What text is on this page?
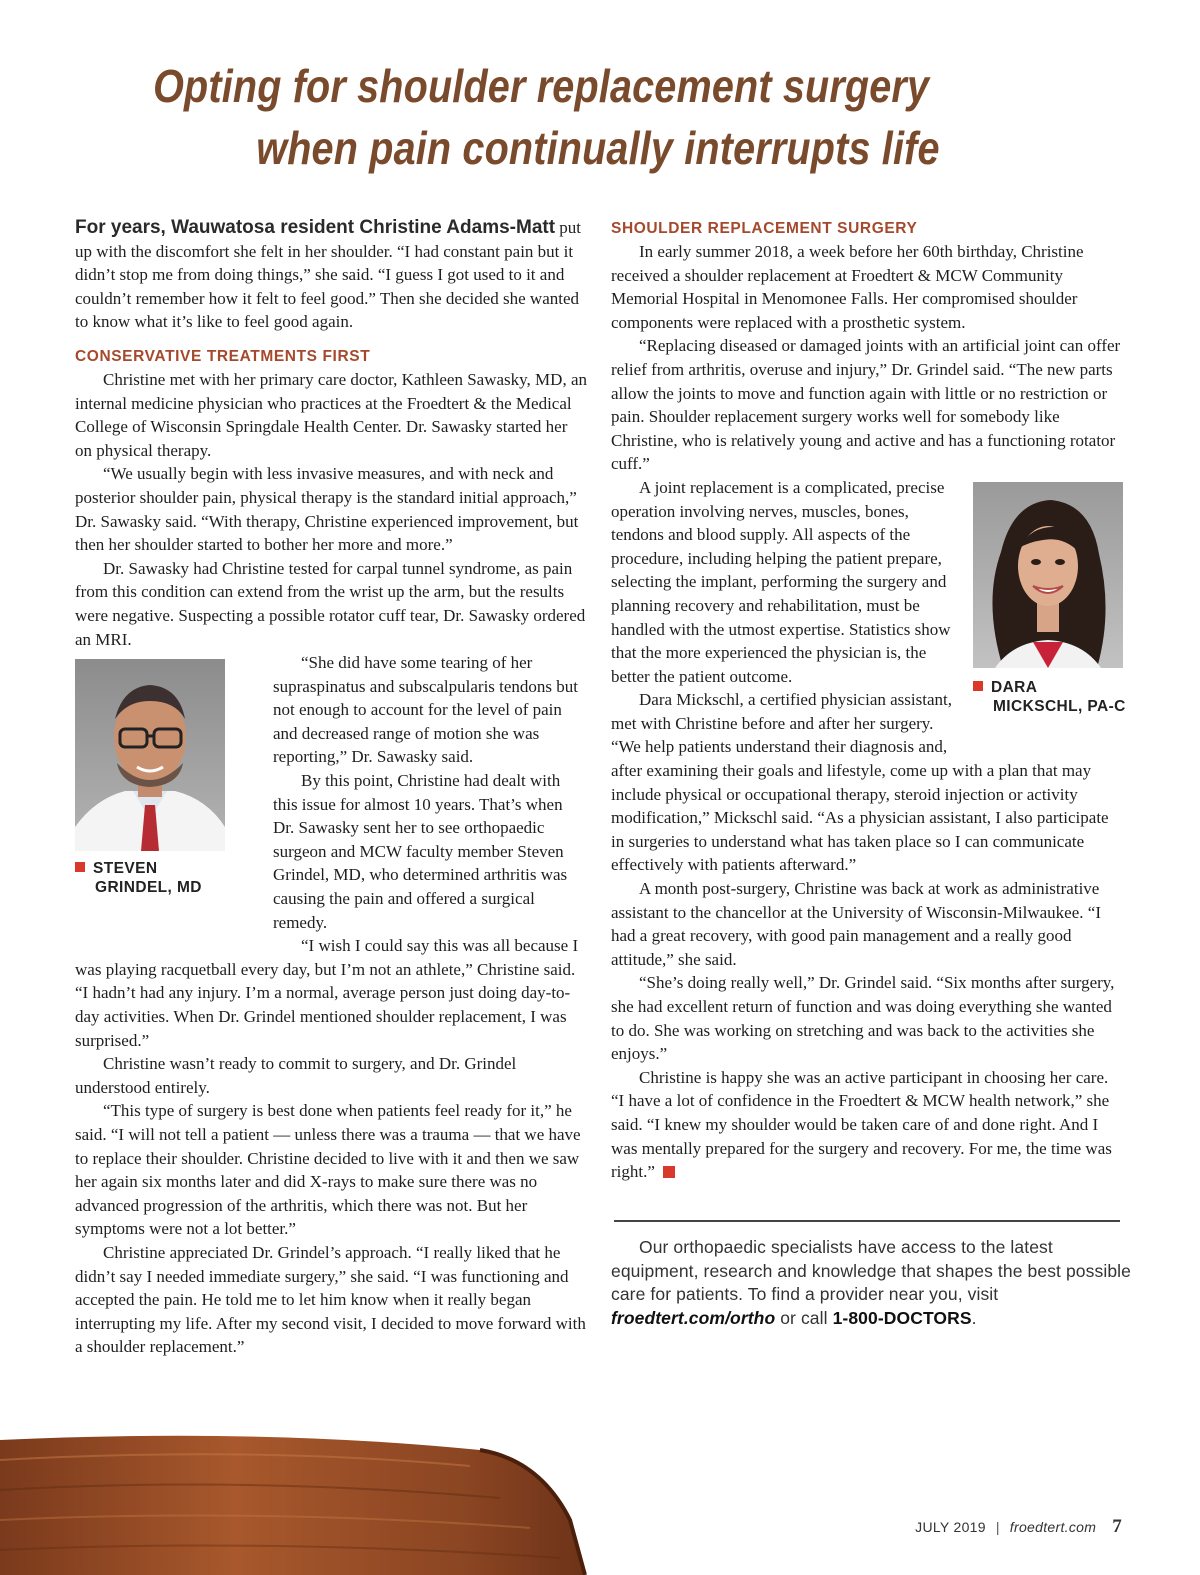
Opting for shoulder replacement surgery
when pain continually interrupts life

For years, Wauwatosa resident Christine Adams-Matt put up with the discomfort she felt in her shoulder. “I had constant pain but it didn’t stop me from doing things,” she said. “I guess I got used to it and couldn’t remember how it felt to feel good.” Then she decided she wanted to know what it’s like to feel good again.

CONSERVATIVE TREATMENTS FIRST

Christine met with her primary care doctor, Kathleen Sawasky, MD, an internal medicine physician who practices at the Froedtert & the Medical College of Wisconsin Springdale Health Center. Dr. Sawasky started her on physical therapy.

“We usually begin with less invasive measures, and with neck and posterior shoulder pain, physical therapy is the standard initial approach,” Dr. Sawasky said. “With therapy, Christine experienced improvement, but then her shoulder started to bother her more and more.”

Dr. Sawasky had Christine tested for carpal tunnel syndrome, as pain from this condition can extend from the wrist up the arm, but the results were negative. Suspecting a possible rotator cuff tear, Dr. Sawasky ordered an MRI.

STEVEN
GRINDEL, MD

“She did have some tearing of her supraspinatus and subscalpularis tendons but not enough to account for the level of pain and decreased range of motion she was reporting,” Dr. Sawasky said.

By this point, Christine had dealt with this issue for almost 10 years. That’s when Dr. Sawasky sent her to see orthopaedic surgeon and MCW faculty member Steven Grindel, MD, who determined arthritis was causing the pain and offered a surgical remedy.

“I wish I could say this was all because I was playing racquetball every day, but I’m not an athlete,” Christine said. “I hadn’t had any injury. I’m a normal, average person just doing day-to-day activities. When Dr. Grindel mentioned shoulder replacement, I was surprised.”

Christine wasn’t ready to commit to surgery, and Dr. Grindel understood entirely.

“This type of surgery is best done when patients feel ready for it,” he said. “I will not tell a patient — unless there was a trauma — that we have to replace their shoulder. Christine decided to live with it and then we saw her again six months later and did X-rays to make sure there was no advanced progression of the arthritis, which there was not. But her symptoms were not a lot better.”

Christine appreciated Dr. Grindel’s approach. “I really liked that he didn’t say I needed immediate surgery,” she said. “I was functioning and accepted the pain. He told me to let him know when it really began interrupting my life. After my second visit, I decided to move forward with a shoulder replacement.”

SHOULDER REPLACEMENT SURGERY

In early summer 2018, a week before her 60th birthday, Christine received a shoulder replacement at Froedtert & MCW Community Memorial Hospital in Menomonee Falls. Her compromised shoulder components were replaced with a prosthetic system.

“Replacing diseased or damaged joints with an artificial joint can offer relief from arthritis, overuse and injury,” Dr. Grindel said. “The new parts allow the joints to move and function again with little or no restriction or pain. Shoulder replacement surgery works well for somebody like Christine, who is relatively young and active and has a functioning rotator cuff.”

DARA
MICKSCHL, PA-C

A joint replacement is a complicated, precise operation involving nerves, muscles, bones, tendons and blood supply. All aspects of the procedure, including helping the patient prepare, selecting the implant, performing the surgery and planning recovery and rehabilitation, must be handled with the utmost expertise. Statistics show that the more experienced the physician is, the better the patient outcome.

Dara Mickschl, a certified physician assistant, met with Christine before and after her surgery. “We help patients understand their diagnosis and, after examining their goals and lifestyle, come up with a plan that may include physical or occupational therapy, steroid injection or activity modification,” Mickschl said. “As a physician assistant, I also participate in surgeries to understand what has taken place so I can communicate effectively with patients afterward.”

A month post-surgery, Christine was back at work as administrative assistant to the chancellor at the University of Wisconsin-Milwaukee. “I had a great recovery, with good pain management and a really good attitude,” she said.

“She’s doing really well,” Dr. Grindel said. “Six months after surgery, she had excellent return of function and was doing everything she wanted to do. She was working on stretching and was back to the activities she enjoys.”

Christine is happy she was an active participant in choosing her care. “I have a lot of confidence in the Froedtert & MCW health network,” she said. “I knew my shoulder would be taken care of and done right. And I was mentally prepared for the surgery and recovery. For me, the time was right.”

Our orthopaedic specialists have access to the latest equipment, research and knowledge that shapes the best possible care for patients. To find a provider near you, visit froedtert.com/ortho or call 1-800-DOCTORS.

JULY 2019 | froedtert.com 7
